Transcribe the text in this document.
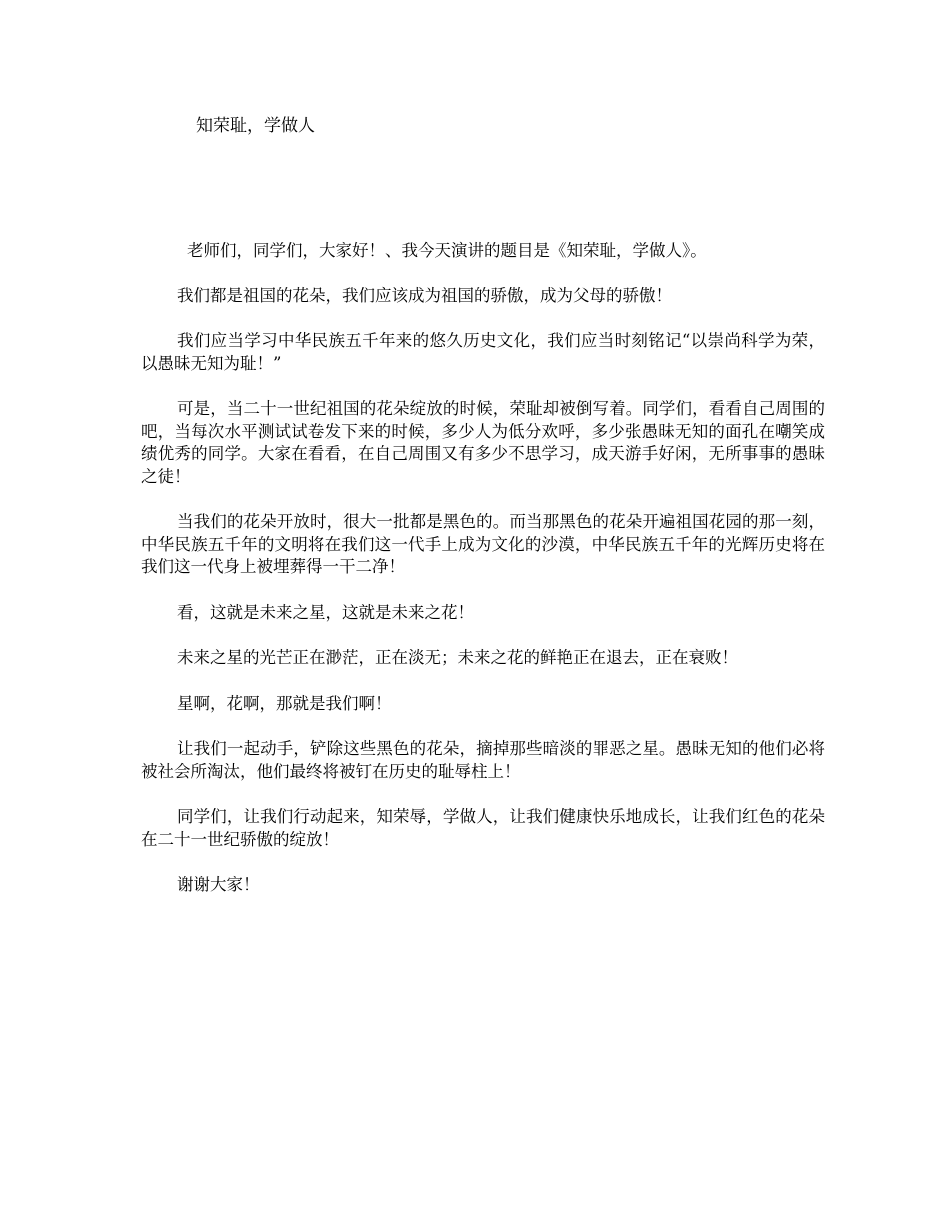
知荣耻，学做人

老师们，同学们，大家好！、我今天演讲的题目是《知荣耻，学做人》。

我们都是祖国的花朵，我们应该成为祖国的骄傲，成为父母的骄傲！

我们应当学习中华民族五千年来的悠久历史文化，我们应当时刻铭记“以崇尚科学为荣，以愚昧无知为耻！”

可是，当二十一世纪祖国的花朵绽放的时候，荣耻却被倒写着。同学们，看看自己周围的吧，当每次水平测试试卷发下来的时候，多少人为低分欢呼，多少张愚昧无知的面孔在嘲笑成绩优秀的同学。大家在看看，在自己周围又有多少不思学习，成天游手好闲，无所事事的愚昧之徒！

当我们的花朵开放时，很大一批都是黑色的。而当那黑色的花朵开遍祖国花园的那一刻，中华民族五千年的文明将在我们这一代手上成为文化的沙漠，中华民族五千年的光辉历史将在我们这一代身上被埋葬得一干二净！

看，这就是未来之星，这就是未来之花！

未来之星的光芒正在渺茫，正在淡无；未来之花的鲜艳正在退去，正在衰败！

星啊，花啊，那就是我们啊！

让我们一起动手，铲除这些黑色的花朵，摘掉那些暗淡的罪恶之星。愚昧无知的他们必将被社会所淘汰，他们最终将被钉在历史的耻辱柱上！

同学们，让我们行动起来，知荣辱，学做人，让我们健康快乐地成长，让我们红色的花朵在二十一世纪骄傲的绽放！

谢谢大家！
